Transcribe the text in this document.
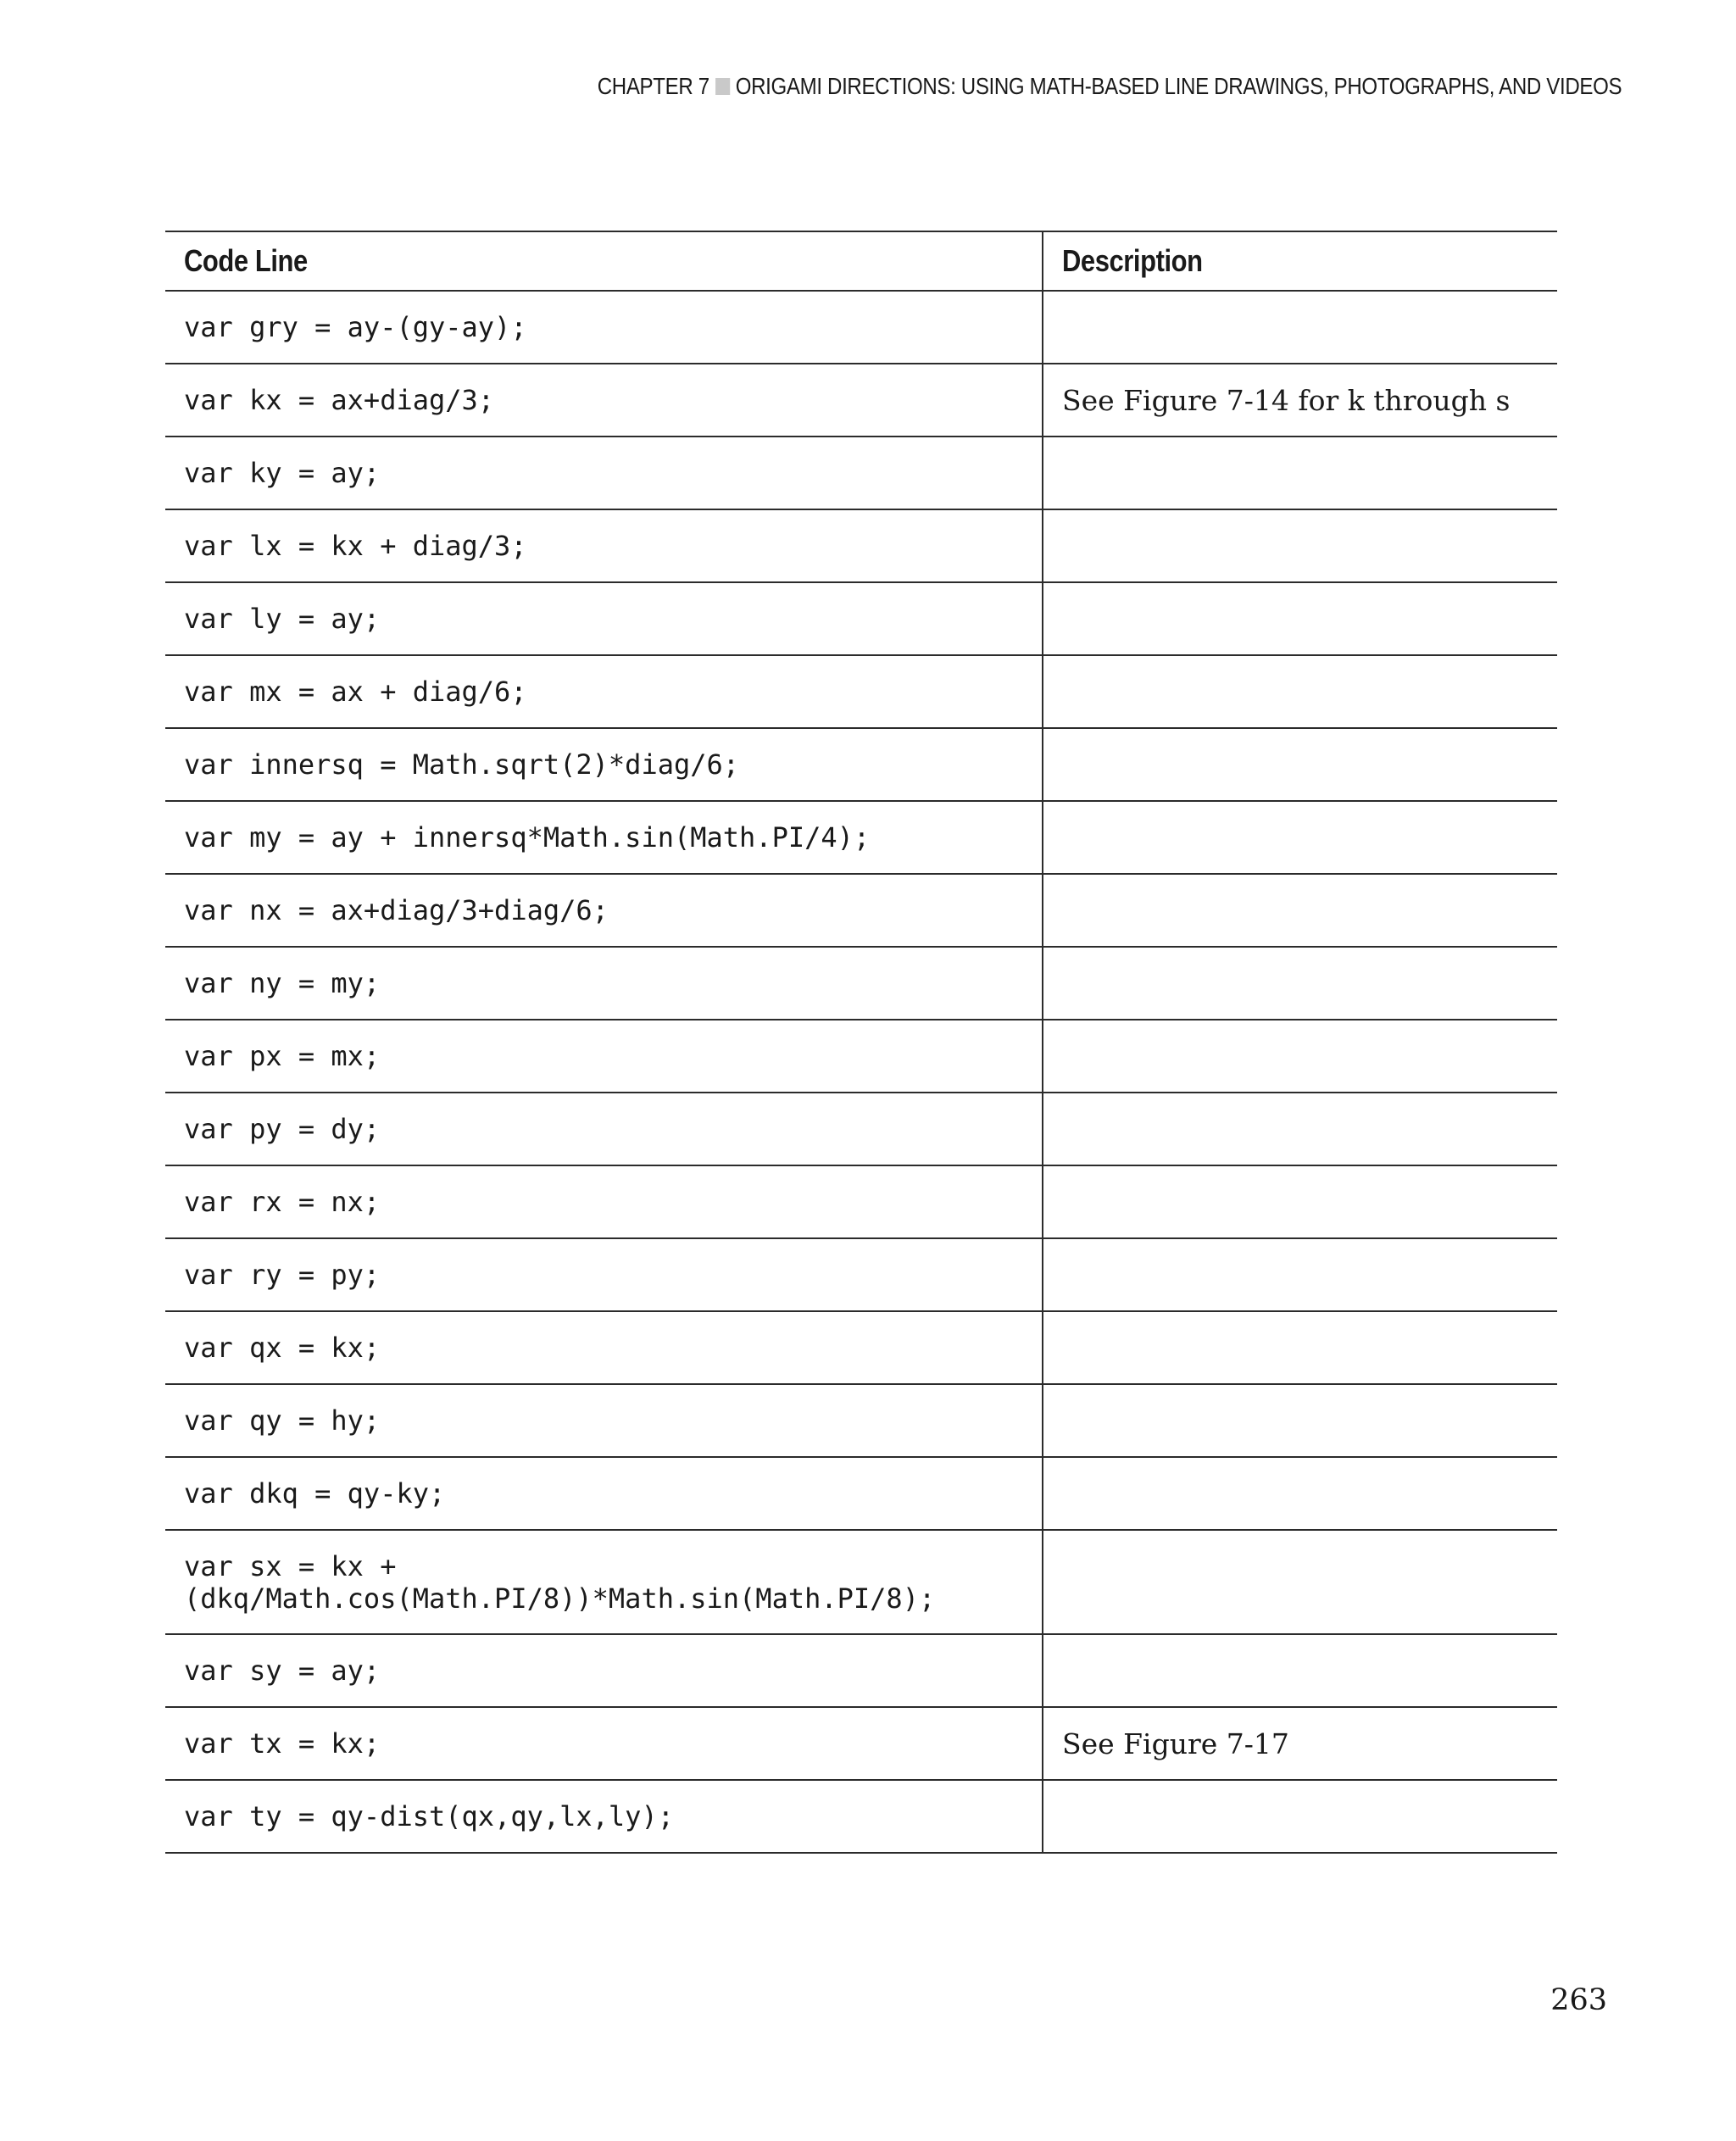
CHAPTER 7 ORIGAMI DIRECTIONS: USING MATH-BASED LINE DRAWINGS, PHOTOGRAPHS, AND VIDEOS
Code Line	Description
var gry = ay-(gy-ay);	
var kx = ax+diag/3;	See Figure 7-14 for k through s
var ky = ay;	
var lx = kx + diag/3;	
var ly = ay;	
var mx = ax + diag/6;	
var innersq = Math.sqrt(2)*diag/6;	
var my = ay + innersq*Math.sin(Math.PI/4);	
var nx = ax+diag/3+diag/6;	
var ny = my;	
var px = mx;	
var py = dy;	
var rx = nx;	
var ry = py;	
var qx = kx;	
var qy = hy;	
var dkq = qy-ky;	
var sx = kx +
(dkq/Math.cos(Math.PI/8))*Math.sin(Math.PI/8);	
var sy = ay;	
var tx = kx;	See Figure 7-17
var ty = qy-dist(qx,qy,lx,ly);	
263
